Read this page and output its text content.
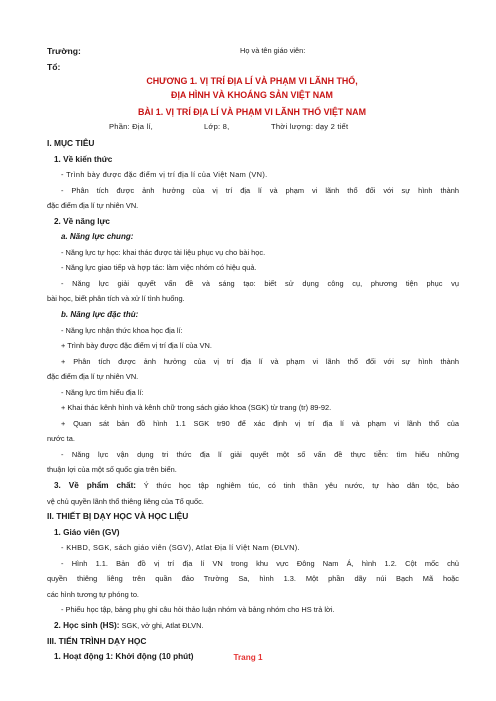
Trường:	Họ và tên giáo viên:
Tổ:
CHƯƠNG 1. VỊ TRÍ ĐỊA LÍ VÀ PHẠM VI LÃNH THỔ,
ĐỊA HÌNH VÀ KHOÁNG SẢN VIỆT NAM
BÀI 1. VỊ TRÍ ĐỊA LÍ VÀ PHẠM VI LÃNH THỔ VIỆT NAM
Phần: Địa lí,	Lớp: 8,	Thời lượng: dạy 2 tiết
I. MỤC TIÊU
1. Về kiến thức
- Trình bày được đặc điểm vị trí địa lí của Việt Nam (VN).
- Phân tích được ảnh hưởng của vị trí địa lí và phạm vi lãnh thổ đối với sự hình thành
đặc điểm địa lí tự nhiên VN.
2. Về năng lực
a. Năng lực chung:
- Năng lực tự học: khai thác được tài liệu phục vụ cho bài học.
- Năng lực giao tiếp và hợp tác: làm việc nhóm có hiệu quả.
- Năng lực giải quyết vấn đề và sáng tạo: biết sử dụng công cụ, phương tiện phục vụ
bài học, biết phân tích và xử lí tình huống.
b. Năng lực đặc thù:
- Năng lực nhận thức khoa học địa lí:
+ Trình bày được đặc điểm vị trí địa lí của VN.
+ Phân tích được ảnh hưởng của vị trí địa lí và phạm vi lãnh thổ đối với sự hình thành
đặc điểm địa lí tự nhiên VN.
- Năng lực tìm hiểu địa lí:
+ Khai thác kênh hình và kênh chữ trong sách giáo khoa (SGK) từ trang (tr) 89-92.
+ Quan sát bản đồ hình 1.1 SGK tr90 để xác định vị trí địa lí và phạm vi lãnh thổ của
nước ta.
- Năng lực vận dụng tri thức địa lí giải quyết một số vấn đề thực tiễn: tìm hiểu những
thuận lợi của một số quốc gia trên biển.
3. Về phẩm chất: Ý thức học tập nghiêm túc, có tinh thần yêu nước, tự hào dân tộc, bảo
vệ chủ quyền lãnh thổ thiêng liêng của Tổ quốc.
II. THIẾT BỊ DẠY HỌC VÀ HỌC LIỆU
1. Giáo viên (GV)
- KHBD, SGK, sách giáo viên (SGV), Atlat Địa lí Việt Nam (ĐLVN).
- Hình 1.1. Bản đồ vị trí địa lí VN trong khu vực Đông Nam Á, hình 1.2. Cột mốc chủ
quyền thiêng liêng trên quần đảo Trường Sa, hình 1.3. Một phần dãy núi Bạch Mã hoặc
các hình tương tự phóng to.
- Phiếu học tập, bảng phụ ghi câu hỏi thảo luận nhóm và bảng nhóm cho HS trả lời.
2. Học sinh (HS): SGK, vở ghi, Atlat ĐLVN.
III. TIẾN TRÌNH DẠY HỌC
1. Hoạt động 1: Khởi động (10 phút)	Trang 1
